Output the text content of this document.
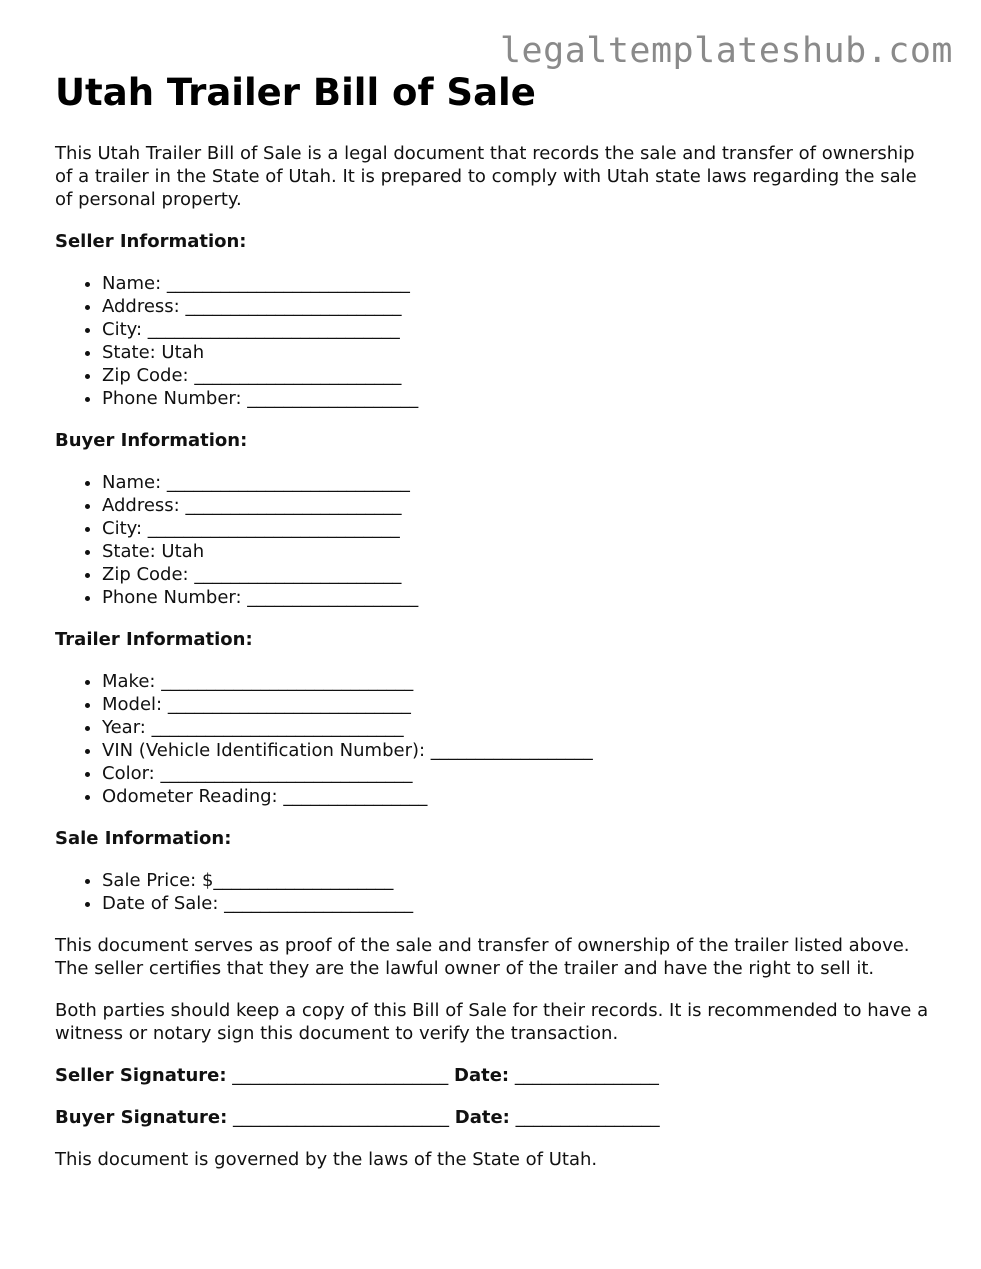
legaltemplateshub.com
Utah Trailer Bill of Sale

This Utah Trailer Bill of Sale is a legal document that records the sale and transfer of ownership of a trailer in the State of Utah. It is prepared to comply with Utah state laws regarding the sale of personal property.

Seller Information:
• Name: ___________________________
• Address: ________________________
• City: ____________________________
• State: Utah
• Zip Code: _______________________
• Phone Number: ___________________
Buyer Information:
• Name: ___________________________
• Address: ________________________
• City: ____________________________
• State: Utah
• Zip Code: _______________________
• Phone Number: ___________________
Trailer Information:
• Make: ____________________________
• Model: ___________________________
• Year: ____________________________
• VIN (Vehicle Identification Number): __________________
• Color: ____________________________
• Odometer Reading: ________________
Sale Information:
• Sale Price: $____________________
• Date of Sale: _____________________

This document serves as proof of the sale and transfer of ownership of the trailer listed above. The seller certifies that they are the lawful owner of the trailer and have the right to sell it.

Both parties should keep a copy of this Bill of Sale for their records. It is recommended to have a witness or notary sign this document to verify the transaction.

Seller Signature: ________________________ Date: ________________
Buyer Signature: ________________________ Date: ________________

This document is governed by the laws of the State of Utah.
